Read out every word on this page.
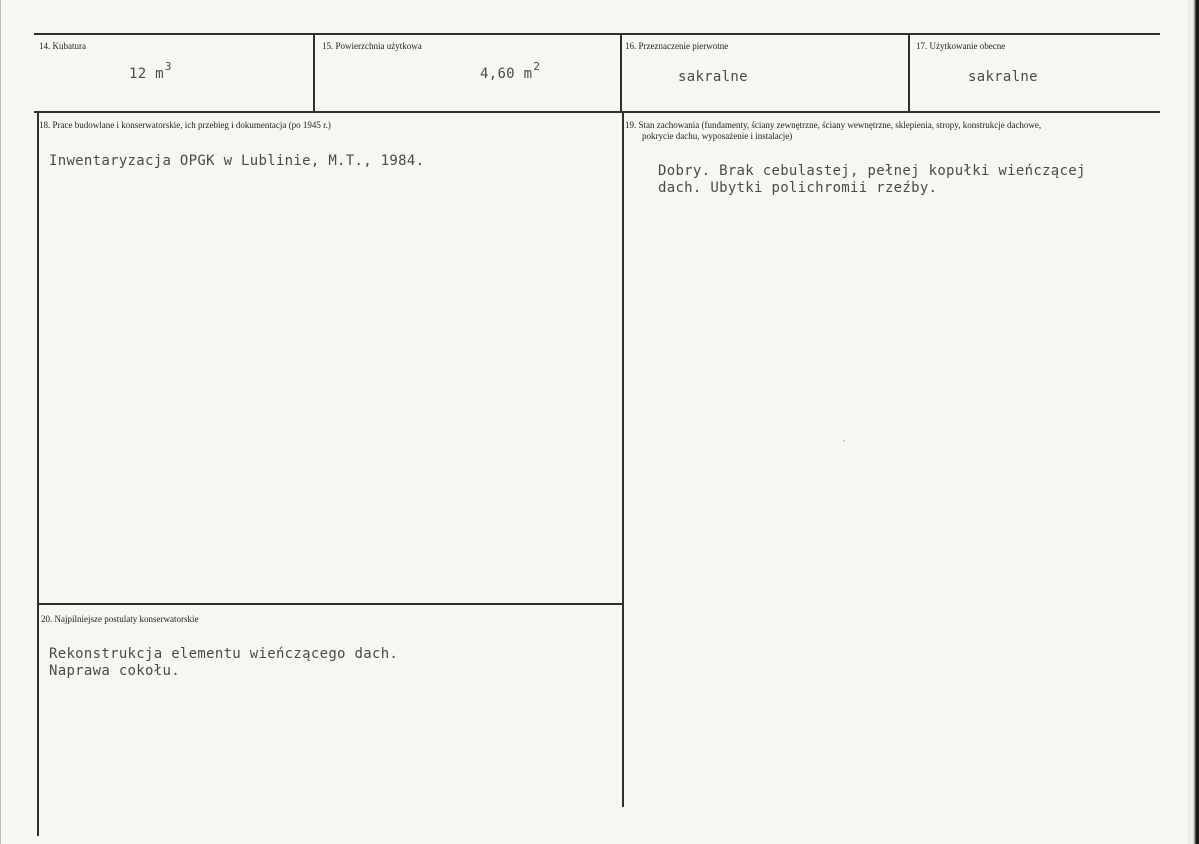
14. Kubatura
12 $m^3$
15. Powierzchnia użytkowa
4,60 $m^2$
16. Przeznaczenie pierwotne
sakralne
17. Użytkowanie obecne
sakralne
18. Prace budowlane i konserwatorskie, ich przebieg i dokumentacja (po 1945 r.)
Inwentaryzacja OPGK w Lublinie, M.T., 1984.
19. Stan zachowania (fundamenty, ściany zewnętrzne, ściany wewnętrzne, sklepienia, stropy, konstrukcje dachowe,
pokrycie dachu, wyposażenie i instalacje)
Dobry. Brak cebulastej, pełnej kopułki wieńczącej
dach. Ubytki polichromii rzeźby.
20. Najpilniejsze postulaty konserwatorskie
Rekonstrukcja elementu wieńczącego dach.
Naprawa cokołu.
